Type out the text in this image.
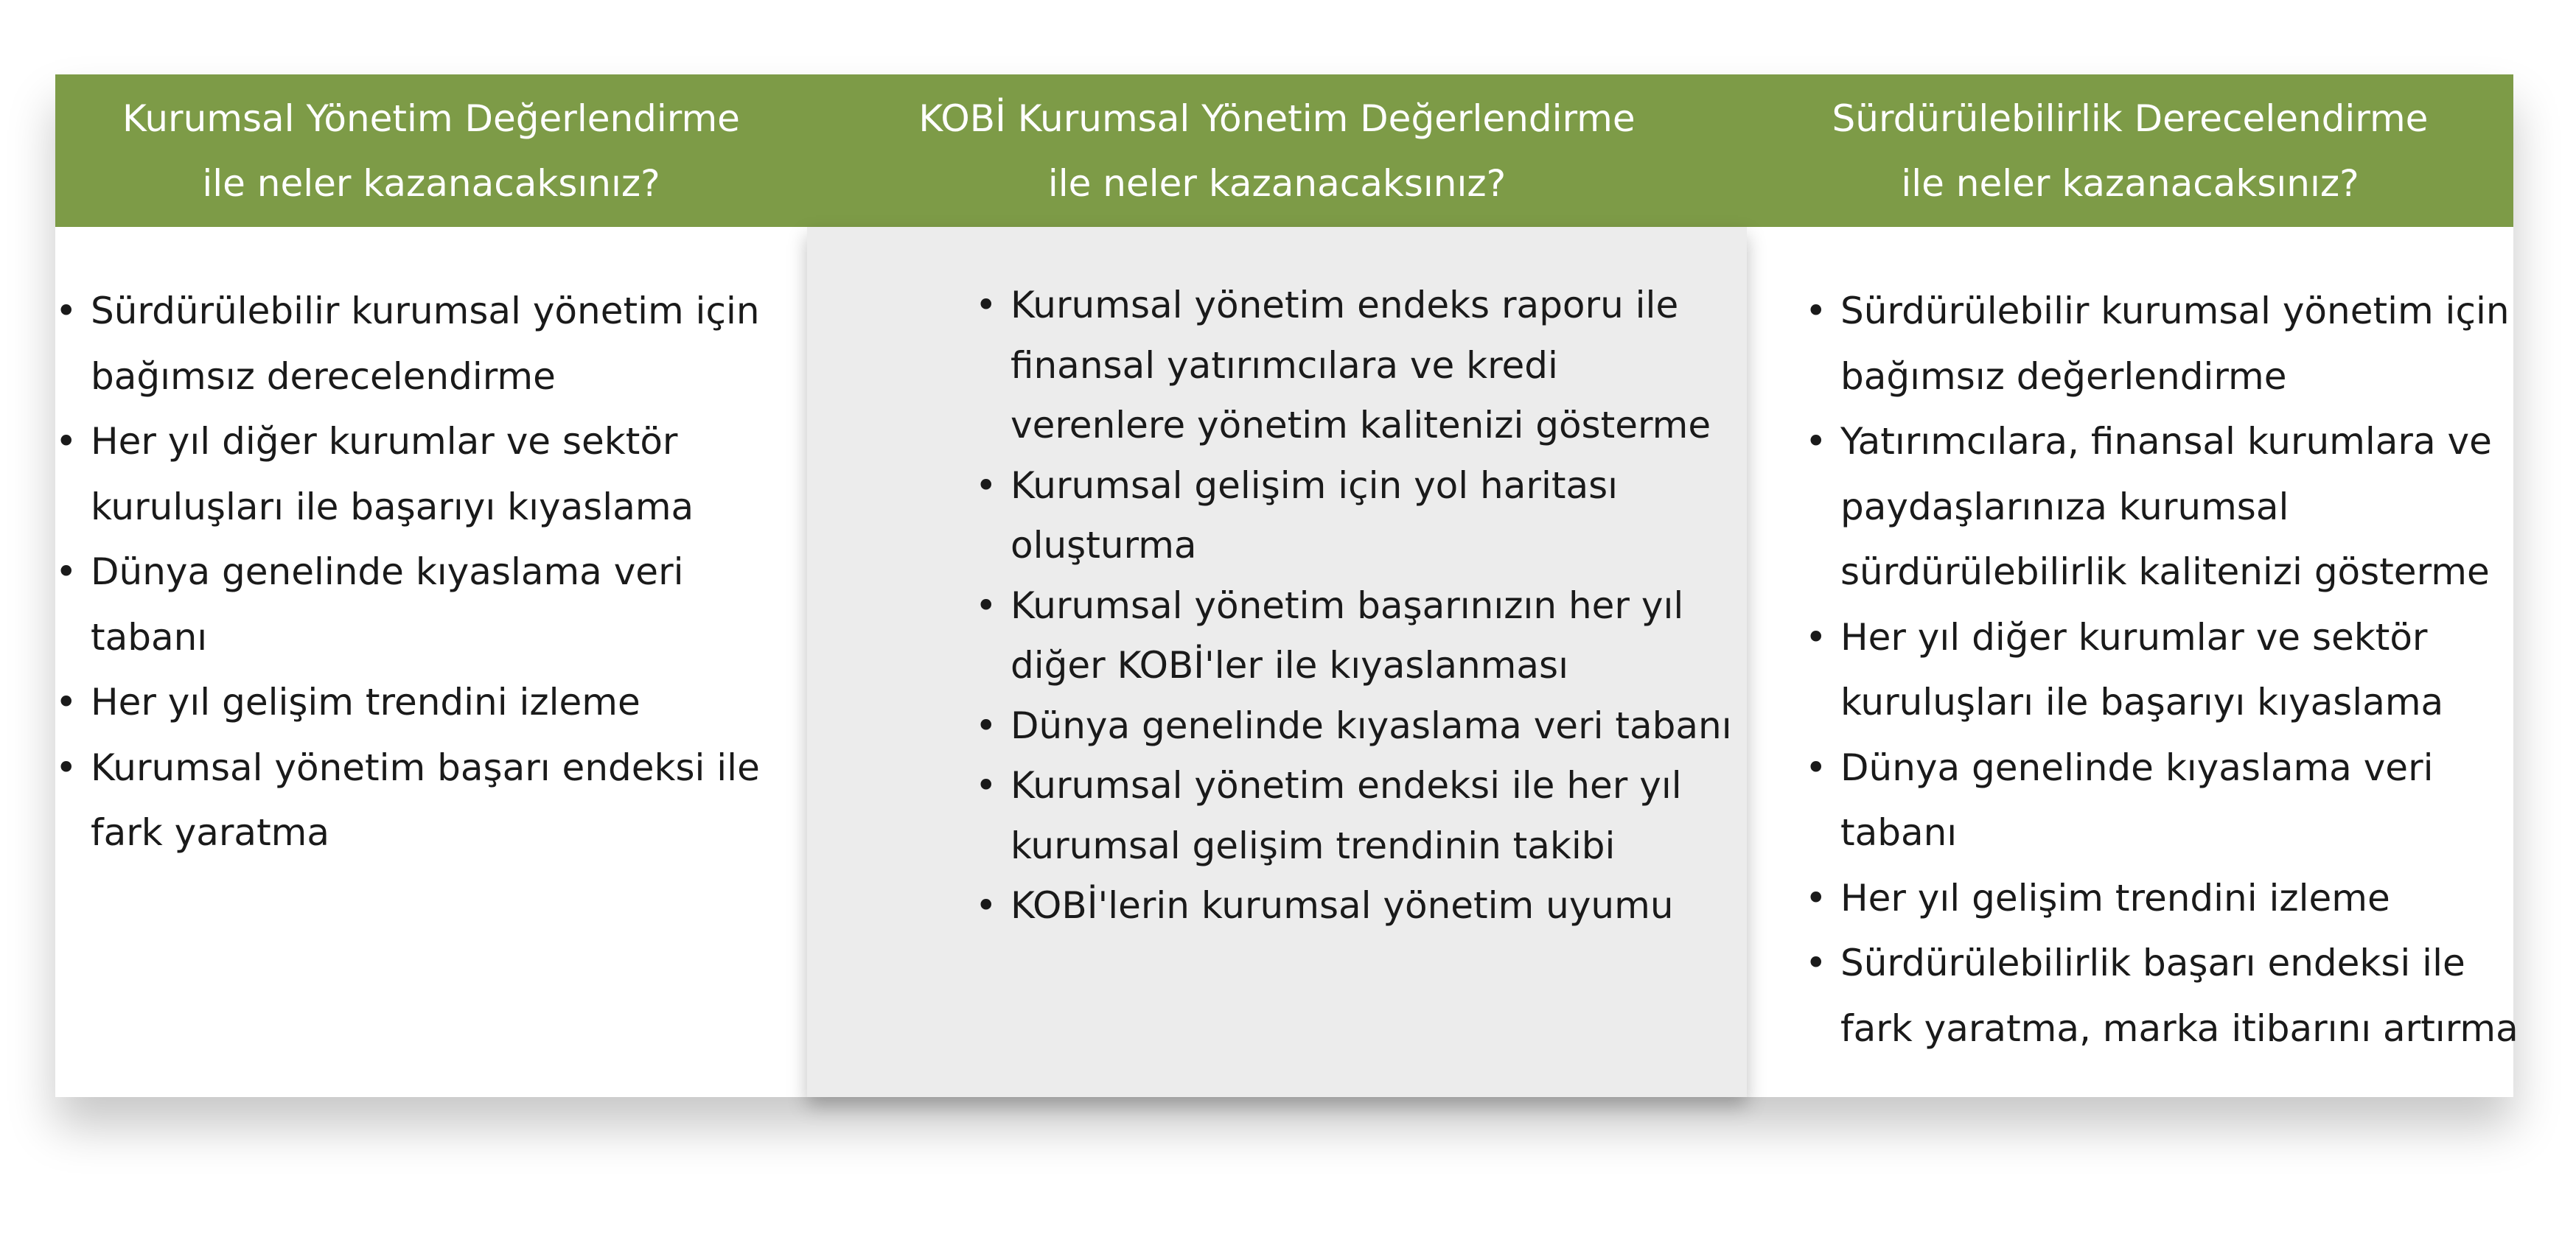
Kurumsal Yönetim Değerlendirme
ile neler kazanacaksınız?
KOBİ Kurumsal Yönetim Değerlendirme
ile neler kazanacaksınız?
Sürdürülebilirlik Derecelendirme
ile neler kazanacaksınız?
• Sürdürülebilir kurumsal yönetim için bağımsız derecelendirme
• Her yıl diğer kurumlar ve sektör kuruluşları ile başarıyı kıyaslama
• Dünya genelinde kıyaslama veri tabanı
• Her yıl gelişim trendini izleme
• Kurumsal yönetim başarı endeksi ile fark yaratma
• Kurumsal yönetim endeks raporu ile finansal yatırımcılara ve kredi verenlere yönetim kalitenizi gösterme
• Kurumsal gelişim için yol haritası oluşturma
• Kurumsal yönetim başarınızın her yıl diğer KOBİ'ler ile kıyaslanması
• Dünya genelinde kıyaslama veri tabanı
• Kurumsal yönetim endeksi ile her yıl kurumsal gelişim trendinin takibi
• KOBİ'lerin kurumsal yönetim uyumu
• Sürdürülebilir kurumsal yönetim için bağımsız değerlendirme
• Yatırımcılara, finansal kurumlara ve paydaşlarınıza kurumsal sürdürülebilirlik kalitenizi gösterme
• Her yıl diğer kurumlar ve sektör kuruluşları ile başarıyı kıyaslama
• Dünya genelinde kıyaslama veri tabanı
• Her yıl gelişim trendini izleme
• Sürdürülebilirlik başarı endeksi ile fark yaratma, marka itibarını artırma
